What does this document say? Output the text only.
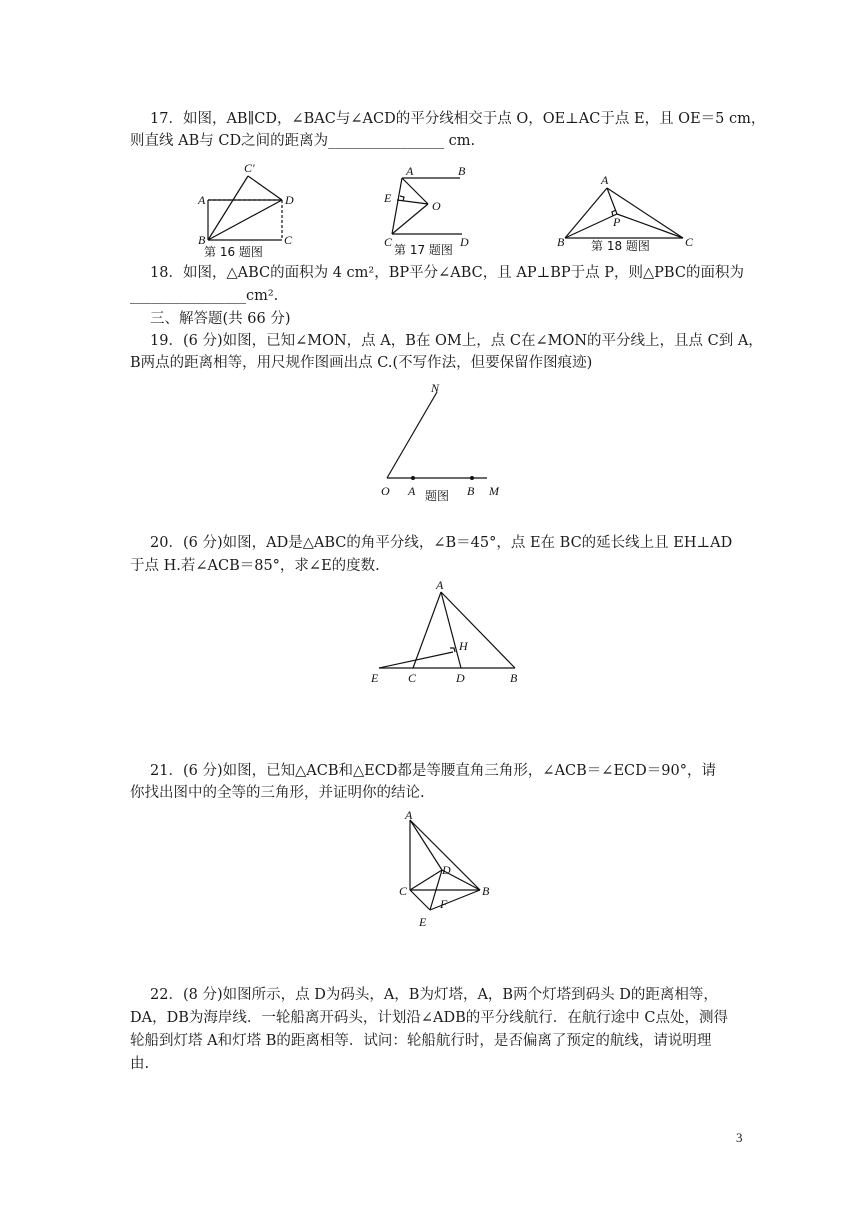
17．如图，AB∥CD，∠BAC与∠ACD的平分线相交于点 O，OE⊥AC于点 E，且 OE＝5 cm，
则直线 AB与 CD之间的距离为________________ cm.
A
B	C
C′
D
第 16 题图
A	B
E
O
C	D
第 17 题图
A
B	C
P
第 18 题图
18．如图，△ABC的面积为 4 cm²，BP平分∠ABC，且 AP⊥BP于点 P，则△PBC的面积为
________________cm².
三、解答题(共 66 分)
19．(6 分)如图，已知∠MON，点 A，B在 OM上，点 C在∠MON的平分线上，且点 C到 A，
B两点的距离相等，用尺规作图画出点 C.(不写作法，但要保留作图痕迹)
N
O A	B M
题图
20．(6 分)如图，AD是△ABC的角平分线，∠B＝45°，点 E在 BC的延长线上且 EH⊥AD
于点 H.若∠ACB＝85°，求∠E的度数.
A
H
E C	D	B
21．(6 分)如图，已知△ACB和△ECD都是等腰直角三角形，∠ACB＝∠ECD＝90°，请
你找出图中的全等的三角形，并证明你的结论.
A
D
C
F
B
E
22．(8 分)如图所示，点 D为码头，A，B为灯塔，A，B两个灯塔到码头 D的距离相等，
DA，DB为海岸线．一轮船离开码头，计划沿∠ADB的平分线航行．在航行途中 C点处，测得
轮船到灯塔 A和灯塔 B的距离相等．试问：轮船航行时，是否偏离了预定的航线，请说明理
由.
3
